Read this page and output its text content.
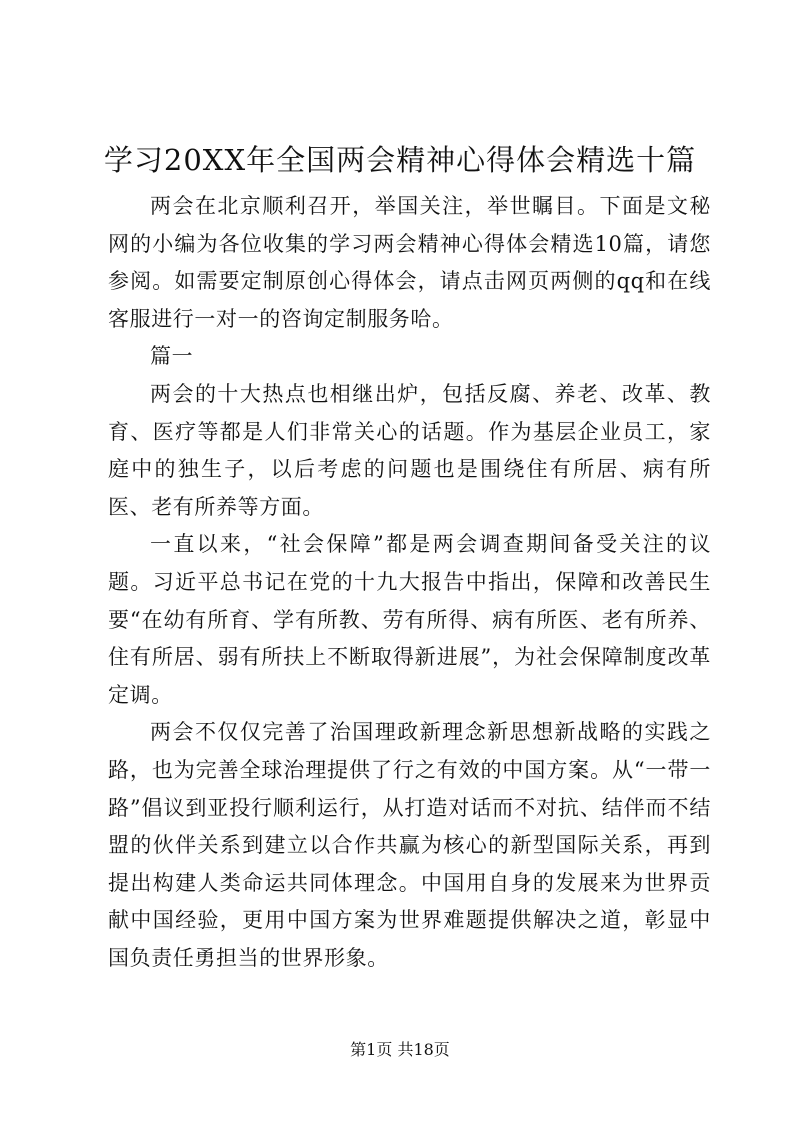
学习20XX年全国两会精神心得体会精选十篇

两会在北京顺利召开，举国关注，举世瞩目。下面是文秘网的小编为各位收集的学习两会精神心得体会精选10篇，请您参阅。如需要定制原创心得体会，请点击网页两侧的qq和在线客服进行一对一的咨询定制服务哈。

篇一

两会的十大热点也相继出炉，包括反腐、养老、改革、教育、医疗等都是人们非常关心的话题。作为基层企业员工，家庭中的独生子，以后考虑的问题也是围绕住有所居、病有所医、老有所养等方面。

一直以来，“社会保障”都是两会调查期间备受关注的议题。习近平总书记在党的十九大报告中指出，保障和改善民生要“在幼有所育、学有所教、劳有所得、病有所医、老有所养、住有所居、弱有所扶上不断取得新进展”，为社会保障制度改革定调。

两会不仅仅完善了治国理政新理念新思想新战略的实践之路，也为完善全球治理提供了行之有效的中国方案。从“一带一路”倡议到亚投行顺利运行，从打造对话而不对抗、结伴而不结盟的伙伴关系到建立以合作共赢为核心的新型国际关系，再到提出构建人类命运共同体理念。中国用自身的发展来为世界贡献中国经验，更用中国方案为世界难题提供解决之道，彰显中国负责任勇担当的世界形象。

第1页 共18页
